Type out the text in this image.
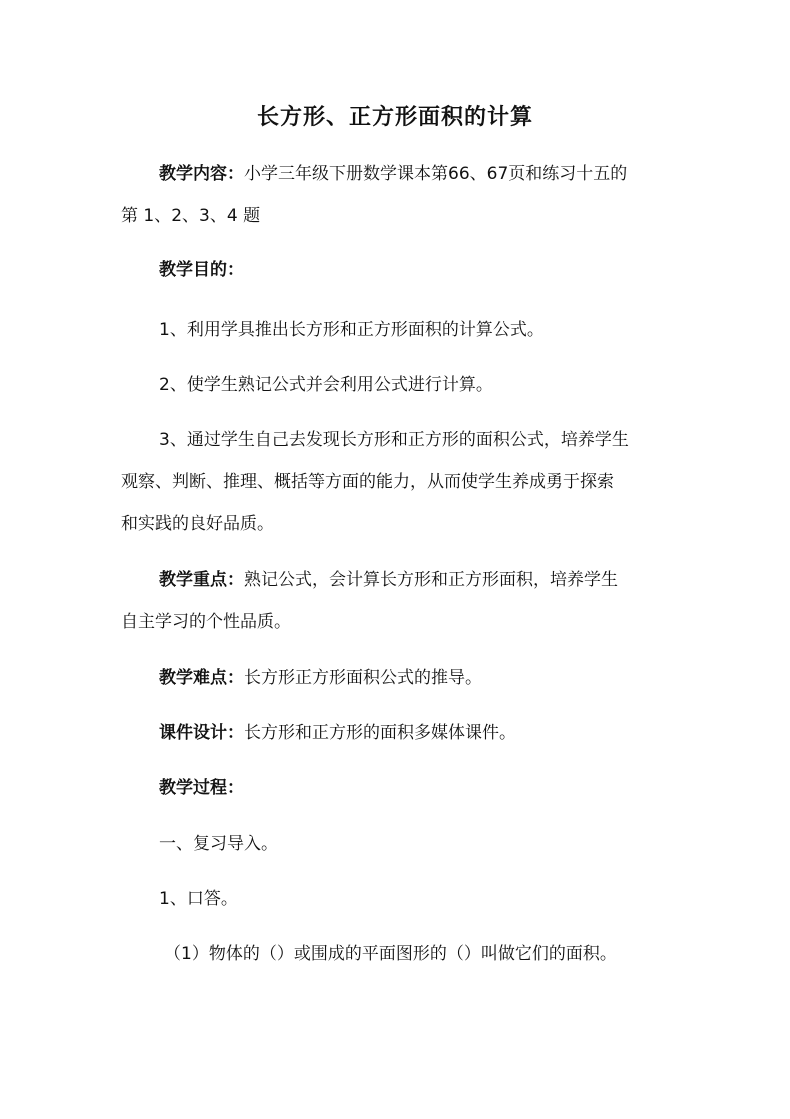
长方形、正方形面积的计算
教学内容：小学三年级下册数学课本第66、67页和练习十五的
第 1、2、3、4 题
教学目的：
1、利用学具推出长方形和正方形面积的计算公式。
2、使学生熟记公式并会利用公式进行计算。
3、通过学生自己去发现长方形和正方形的面积公式，培养学生
观察、判断、推理、概括等方面的能力，从而使学生养成勇于探索
和实践的良好品质。
教学重点：熟记公式，会计算长方形和正方形面积，培养学生
自主学习的个性品质。
教学难点：长方形正方形面积公式的推导。
课件设计：长方形和正方形的面积多媒体课件。
教学过程：
一、复习导入。
1、口答。
（1）物体的（）或围成的平面图形的（）叫做它们的面积。
